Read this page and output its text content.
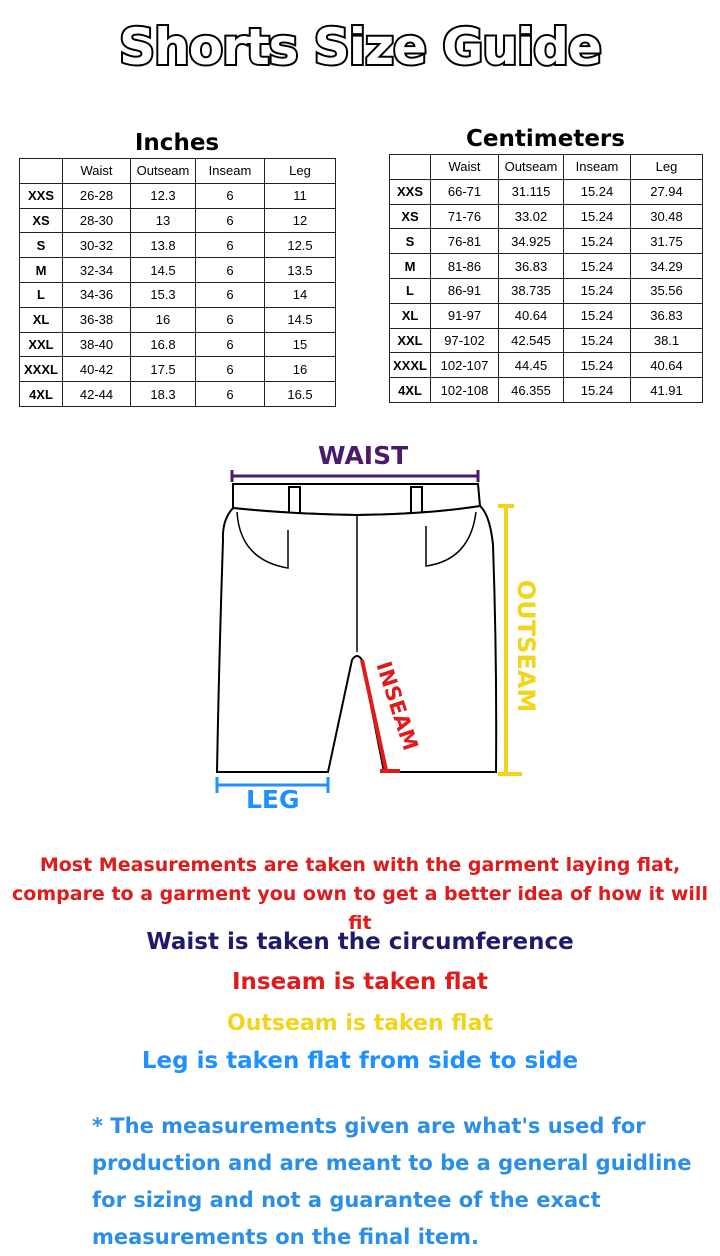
Shorts Size Guide
Inches
	Waist	Outseam	Inseam	Leg
XXS	26-28	12.3	6	11
XS	28-30	13	6	12
S	30-32	13.8	6	12.5
M	32-34	14.5	6	13.5
L	34-36	15.3	6	14
XL	36-38	16	6	14.5
XXL	38-40	16.8	6	15
XXXL	40-42	17.5	6	16
4XL	42-44	18.3	6	16.5
Centimeters
	Waist	Outseam	Inseam	Leg
XXS	66-71	31.115	15.24	27.94
XS	71-76	33.02	15.24	30.48
S	76-81	34.925	15.24	31.75
M	81-86	36.83	15.24	34.29
L	86-91	38.735	15.24	35.56
XL	91-97	40.64	15.24	36.83
XXL	97-102	42.545	15.24	38.1
XXXL	102-107	44.45	15.24	40.64
4XL	102-108	46.355	15.24	41.91
WAIST
OUTSEAM
INSEAM
LEG
Most Measurements are taken with the garment laying flat,
compare to a garment you own to get a better idea of how it will fit
Waist is taken the circumference
Inseam is taken flat
Outseam is taken flat
Leg is taken flat from side to side
* The measurements given are what's used for
production and are meant to be a general guidline
for sizing and not a guarantee of the exact
measurements on the final item.
